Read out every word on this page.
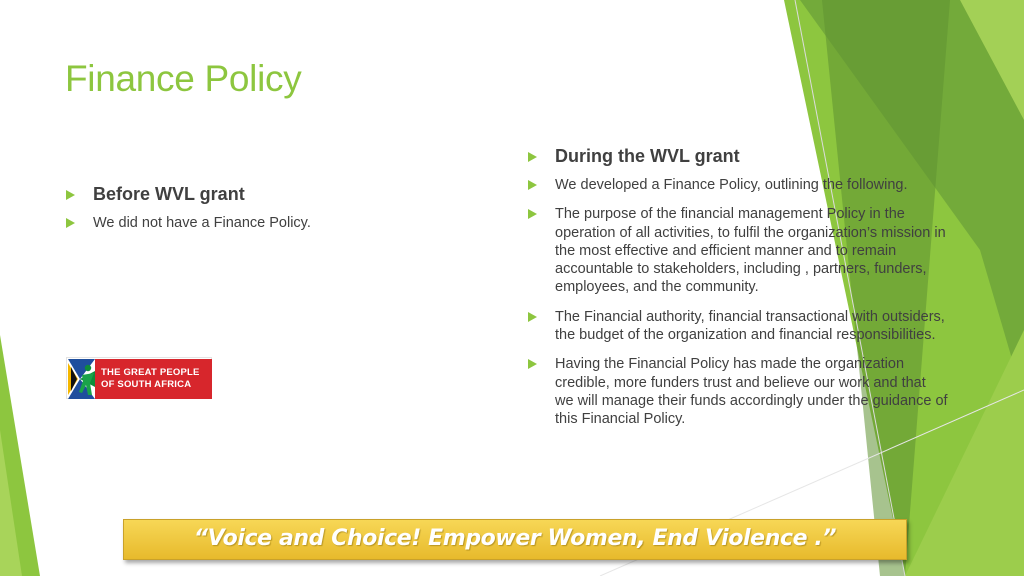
Finance Policy
Before WVL grant
We did not have a Finance Policy.
THE GREAT PEOPLE
OF SOUTH AFRICA
During the WVL grant
We developed a Finance Policy, outlining the following.
The purpose of the financial management Policy in the operation of all activities, to fulfil the organization’s mission in the most effective and efficient manner and to remain accountable to stakeholders, including , partners, funders, employees, and the community.
The Financial authority, financial transactional with outsiders, the budget of the organization and financial responsibilities.
Having the Financial Policy has made the organization credible, more funders trust and believe our work and that we will manage their funds accordingly under the guidance of this Financial Policy.
“Voice and Choice! Empower Women, End Violence .”
